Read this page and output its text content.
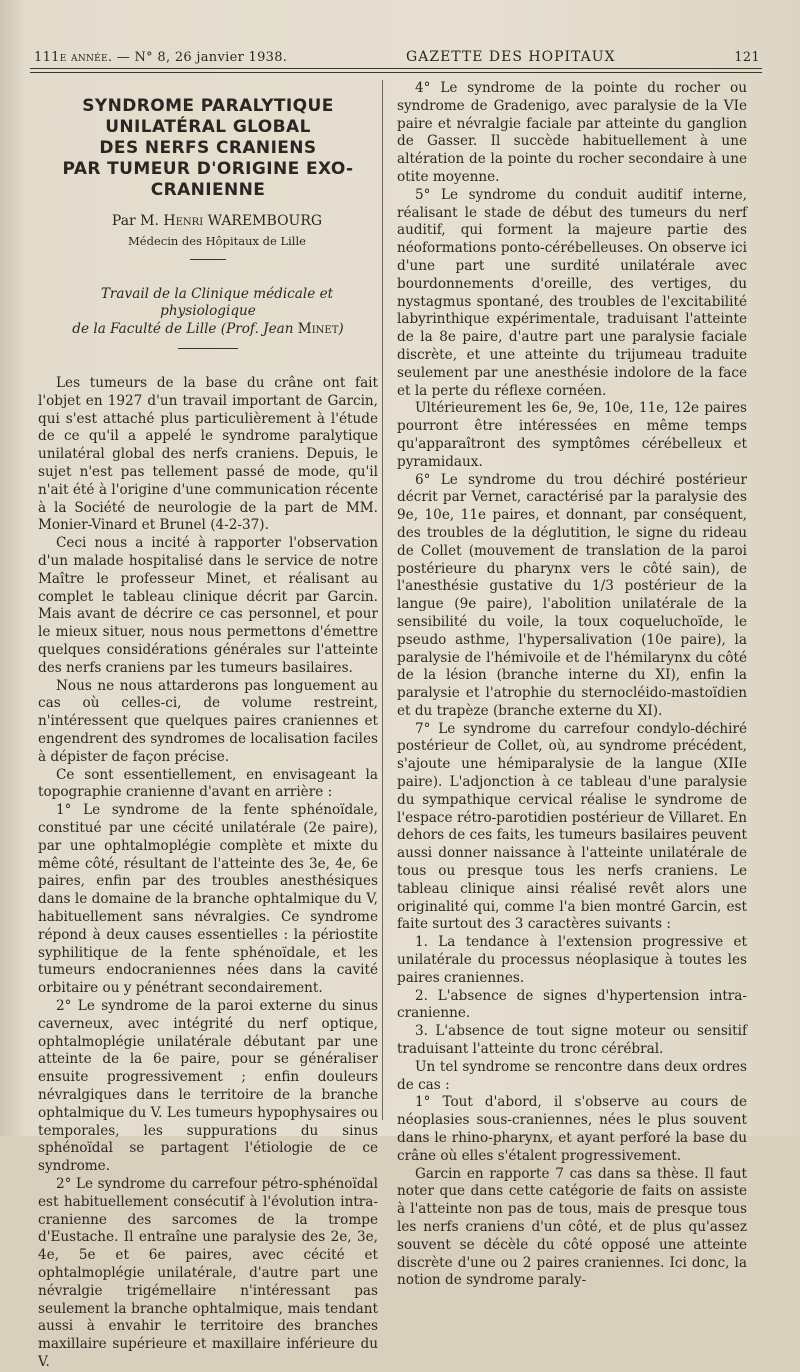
111e année. — N° 8, 26 janvier 1938.	GAZETTE DES HOPITAUX	121
SYNDROME PARALYTIQUE UNILATÉRAL GLOBAL
DES NERFS CRANIENS
PAR TUMEUR D'ORIGINE EXO-CRANIENNE

Par M. Henri WAREMBOURG

Médecin des Hôpitaux de Lille

Travail de la Clinique médicale et physiologique
de la Faculté de Lille (Prof. Jean Minet)

Les tumeurs de la base du crâne ont fait l'objet en 1927 d'un travail important de Garcin, qui s'est attaché plus particulièrement à l'étude de ce qu'il a appelé le syndrome paralytique unilatéral global des nerfs craniens. Depuis, le sujet n'est pas tellement passé de mode, qu'il n'ait été à l'origine d'une communication récente à la Société de neurologie de la part de MM. Monier-Vinard et Brunel (4-2-37).

Ceci nous a incité à rapporter l'observation d'un malade hospitalisé dans le service de notre Maître le professeur Minet, et réalisant au complet le tableau clinique décrit par Garcin. Mais avant de décrire ce cas personnel, et pour le mieux situer, nous nous permettons d'émettre quelques considérations générales sur l'atteinte des nerfs craniens par les tumeurs basilaires.

Nous ne nous attarderons pas longuement au cas où celles-ci, de volume restreint, n'intéressent que quelques paires craniennes et engendrent des syndromes de localisation faciles à dépister de façon précise.

Ce sont essentiellement, en envisageant la topographie cranienne d'avant en arrière :

1° Le syndrome de la fente sphénoïdale, constitué par une cécité unilatérale (2e paire), par une ophtalmoplégie complète et mixte du même côté, résultant de l'atteinte des 3e, 4e, 6e paires, enfin par des troubles anesthésiques dans le domaine de la branche ophtalmique du V, habituellement sans névralgies. Ce syndrome répond à deux causes essentielles : la périostite syphilitique de la fente sphénoïdale, et les tumeurs endocraniennes nées dans la cavité orbitaire ou y pénétrant secondairement.

2° Le syndrome de la paroi externe du sinus caverneux, avec intégrité du nerf optique, ophtalmoplégie unilatérale débutant par une atteinte de la 6e paire, pour se généraliser ensuite progressivement ; enfin douleurs névralgiques dans le territoire de la branche ophtalmique du V. Les tumeurs hypophysaires ou temporales, les suppurations du sinus sphénoïdal se partagent l'étiologie de ce syndrome.

2° Le syndrome du carrefour pétro-sphénoïdal est habituellement consécutif à l'évolution intra-cranienne des sarcomes de la trompe d'Eustache. Il entraîne une paralysie des 2e, 3e, 4e, 5e et 6e paires, avec cécité et ophtalmoplégie unilatérale, d'autre part une névralgie trigémellaire n'intéressant pas seulement la branche ophtalmique, mais tendant aussi à envahir le territoire des branches maxillaire supérieure et maxillaire inférieure du V.

4° Le syndrome de la pointe du rocher ou syndrome de Gradenigo, avec paralysie de la VIe paire et névralgie faciale par atteinte du ganglion de Gasser. Il succède habituellement à une altération de la pointe du rocher secondaire à une otite moyenne.

5° Le syndrome du conduit auditif interne, réalisant le stade de début des tumeurs du nerf auditif, qui forment la majeure partie des néoformations ponto-cérébelleuses. On observe ici d'une part une surdité unilatérale avec bourdonnements d'oreille, des vertiges, du nystagmus spontané, des troubles de l'excitabilité labyrinthique expérimentale, traduisant l'atteinte de la 8e paire, d'autre part une paralysie faciale discrète, et une atteinte du trijumeau traduite seulement par une anesthésie indolore de la face et la perte du réflexe cornéen.

Ultérieurement les 6e, 9e, 10e, 11e, 12e paires pourront être intéressées en même temps qu'apparaîtront des symptômes cérébelleux et pyramidaux.

6° Le syndrome du trou déchiré postérieur décrit par Vernet, caractérisé par la paralysie des 9e, 10e, 11e paires, et donnant, par conséquent, des troubles de la déglutition, le signe du rideau de Collet (mouvement de translation de la paroi postérieure du pharynx vers le côté sain), de l'anesthésie gustative du 1/3 postérieur de la langue (9e paire), l'abolition unilatérale de la sensibilité du voile, la toux coqueluchoïde, le pseudo asthme, l'hypersalivation (10e paire), la paralysie de l'hémivoile et de l'hémilarynx du côté de la lésion (branche interne du XI), enfin la paralysie et l'atrophie du sternocléido-mastoïdien et du trapèze (branche externe du XI).

7° Le syndrome du carrefour condylo-déchiré postérieur de Collet, où, au syndrome précédent, s'ajoute une hémiparalysie de la langue (XIIe paire). L'adjonction à ce tableau d'une paralysie du sympathique cervical réalise le syndrome de l'espace rétro-parotidien postérieur de Villaret. En dehors de ces faits, les tumeurs basilaires peuvent aussi donner naissance à l'atteinte unilatérale de tous ou presque tous les nerfs craniens. Le tableau clinique ainsi réalisé revêt alors une originalité qui, comme l'a bien montré Garcin, est faite surtout des 3 caractères suivants :

1. La tendance à l'extension progressive et unilatérale du processus néoplasique à toutes les paires craniennes.

2. L'absence de signes d'hypertension intra-cranienne.

3. L'absence de tout signe moteur ou sensitif traduisant l'atteinte du tronc cérébral.

Un tel syndrome se rencontre dans deux ordres de cas :

1° Tout d'abord, il s'observe au cours de néoplasies sous-craniennes, nées le plus souvent dans le rhino-pharynx, et ayant perforé la base du crâne où elles s'étalent progressivement.

Garcin en rapporte 7 cas dans sa thèse. Il faut noter que dans cette catégorie de faits on assiste à l'atteinte non pas de tous, mais de presque tous les nerfs craniens d'un côté, et de plus qu'assez souvent se décèle du côté opposé une atteinte discrète d'une ou 2 paires craniennes. Ici donc, la notion de syndrome paraly-
